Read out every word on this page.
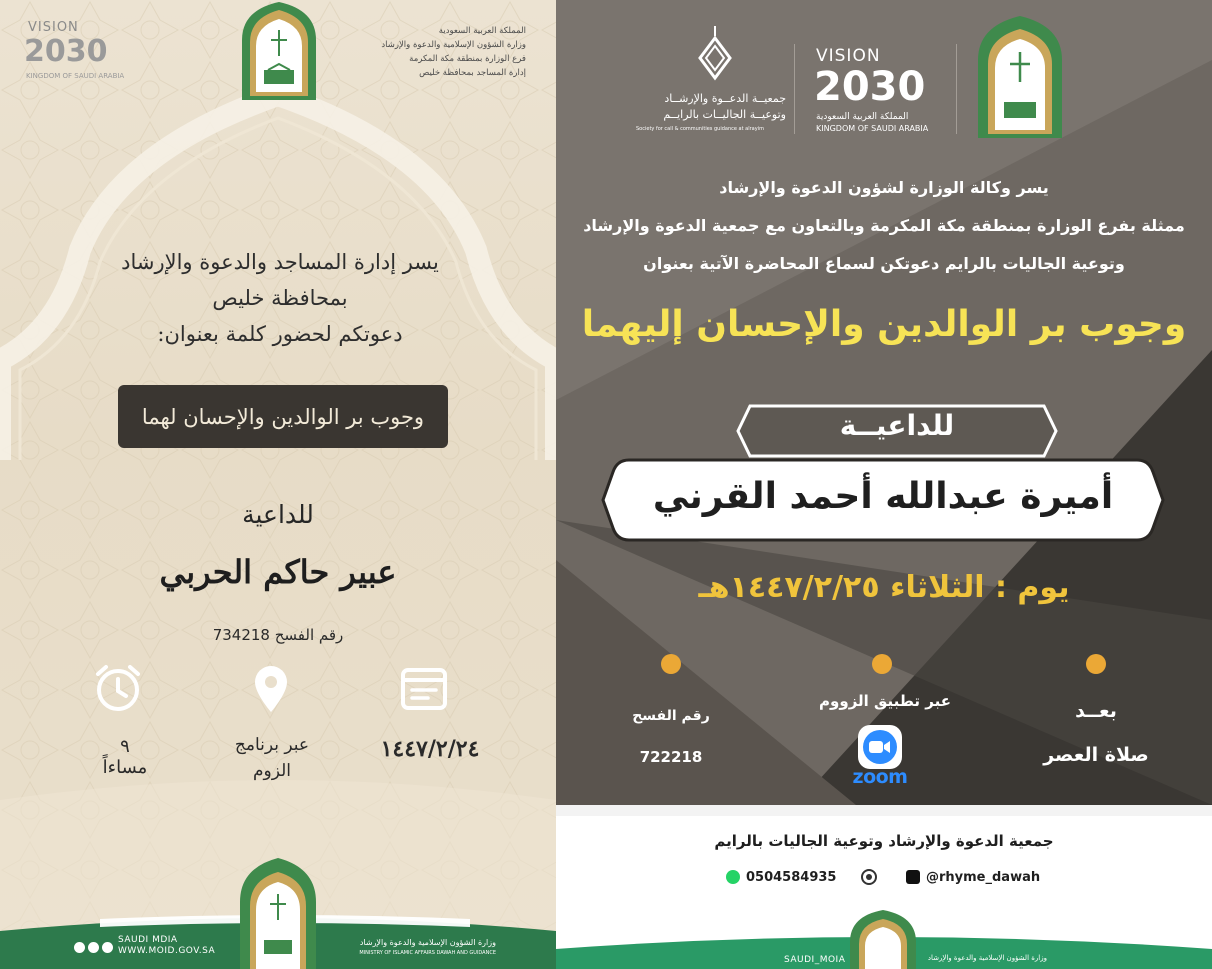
VISION
2030
KINGDOM OF SAUDI ARABIA
المملكة العربية السعودية
وزارة الشؤون الإسلامية والدعوة والإرشاد
فرع الوزارة بمنطقة مكة المكرمة
إدارة المساجد بمحافظة خليص
يسر إدارة المساجد والدعوة والإرشاد
بمحافظة خليص
دعوتكم لحضور كلمة بعنوان:
وجوب بر الوالدين والإحسان لهما
للداعية
عبير حاكم الحربي
رقم الفسح 734218
٩ مساءاً
عبر برنامج
الزوم
١٤٤٧/٢/٢٤
SAUDI MDIA
WWW.MOID.GOV.SA
وزارة الشؤون الإسلامية والدعوة والإرشاد
MINISTRY OF ISLAMIC AFFAIRS DAWAH AND GUIDANCE
VISION
2030
المملكة العربية السعودية
KINGDOM OF SAUDI ARABIA
جمعيــة الدعــوة والإرشــاد
وتوعيــة الجاليــات بالرايــم
Society for call & communities guidance at alrayim
يسر وكالة الوزارة لشؤون الدعوة والإرشاد
ممثلة بفرع الوزارة بمنطقة مكة المكرمة وبالتعاون مع جمعية الدعوة والإرشاد
وتوعية الجاليات بالرايم دعوتكن لسماع المحاضرة الآتية بعنوان
وجوب بر الوالدين والإحسان إليهما
للداعيــة
أميرة عبدالله أحمد القرني
يوم : الثلاثاء ١٤٤٧/٢/٢٥هـ
رقم الفسح
722218
عبر تطبيق الزووم	بعــد
صلاة العصر
zoom
جمعية الدعوة والإرشاد وتوعية الجاليات بالرايم
0504584935	@rhyme_dawah
SAUDI_MOIA	وزارة الشؤون الإسلامية والدعوة والإرشاد
